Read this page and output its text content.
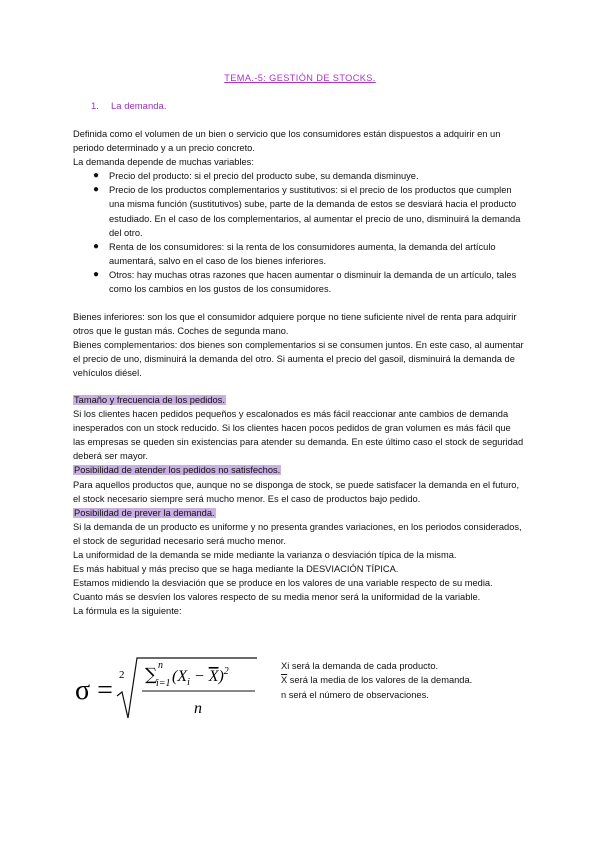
TEMA.-5: GESTIÓN DE STOCKS.
1. La demanda.

Definida como el volumen de un bien o servicio que los consumidores están dispuestos a adquirir en un periodo determinado y a un precio concreto.

La demanda depende de muchas variables:

● Precio del producto: si el precio del producto sube, su demanda disminuye.
● Precio de los productos complementarios y sustitutivos: si el precio de los productos que cumplen una misma función (sustitutivos) sube, parte de la demanda de estos se desviará hacia el producto estudiado. En el caso de los complementarios, al aumentar el precio de uno, disminuirá la demanda del otro.
● Renta de los consumidores: si la renta de los consumidores aumenta, la demanda del artículo aumentará, salvo en el caso de los bienes inferiores.
● Otros: hay muchas otras razones que hacen aumentar o disminuir la demanda de un artículo, tales como los cambios en los gustos de los consumidores.

Bienes inferiores: son los que el consumidor adquiere porque no tiene suficiente nivel de renta para adquirir otros que le gustan más. Coches de segunda mano.

Bienes complementarios: dos bienes son complementarios si se consumen juntos. En este caso, al aumentar el precio de uno, disminuirá la demanda del otro. Si aumenta el precio del gasoil, disminuirá la demanda de vehículos diésel.

Tamaño y frecuencia de los pedidos.

Si los clientes hacen pedidos pequeños y escalonados es más fácil reaccionar ante cambios de demanda inesperados con un stock reducido. Si los clientes hacen pocos pedidos de gran volumen es más fácil que las empresas se queden sin existencias para atender su demanda. En este último caso el stock de seguridad deberá ser mayor.

Posibilidad de atender los pedidos no satisfechos.

Para aquellos productos que, aunque no se disponga de stock, se puede satisfacer la demanda en el futuro, el stock necesario siempre será mucho menor. Es el caso de productos bajo pedido.

Posibilidad de prever la demanda.

Si la demanda de un producto es uniforme y no presenta grandes variaciones, en los periodos considerados, el stock de seguridad necesario será mucho menor.

La uniformidad de la demanda se mide mediante la varianza o desviación típica de la misma.

Es más habitual y más preciso que se haga mediante la DESVIACIÓN TÍPICA.

Estamos midiendo la desviación que se produce en los valores de una variable respecto de su media. Cuanto más se desvíen los valores respecto de su media menor será la uniformidad de la variable.

La fórmula es la siguiente:

σ = 2 ∑ n
i=1 $(X_i - X)^2$
n
Xi será la demanda de cada producto.
$\overline{X}$ será la media de los valores de la demanda.
n será el número de observaciones.
